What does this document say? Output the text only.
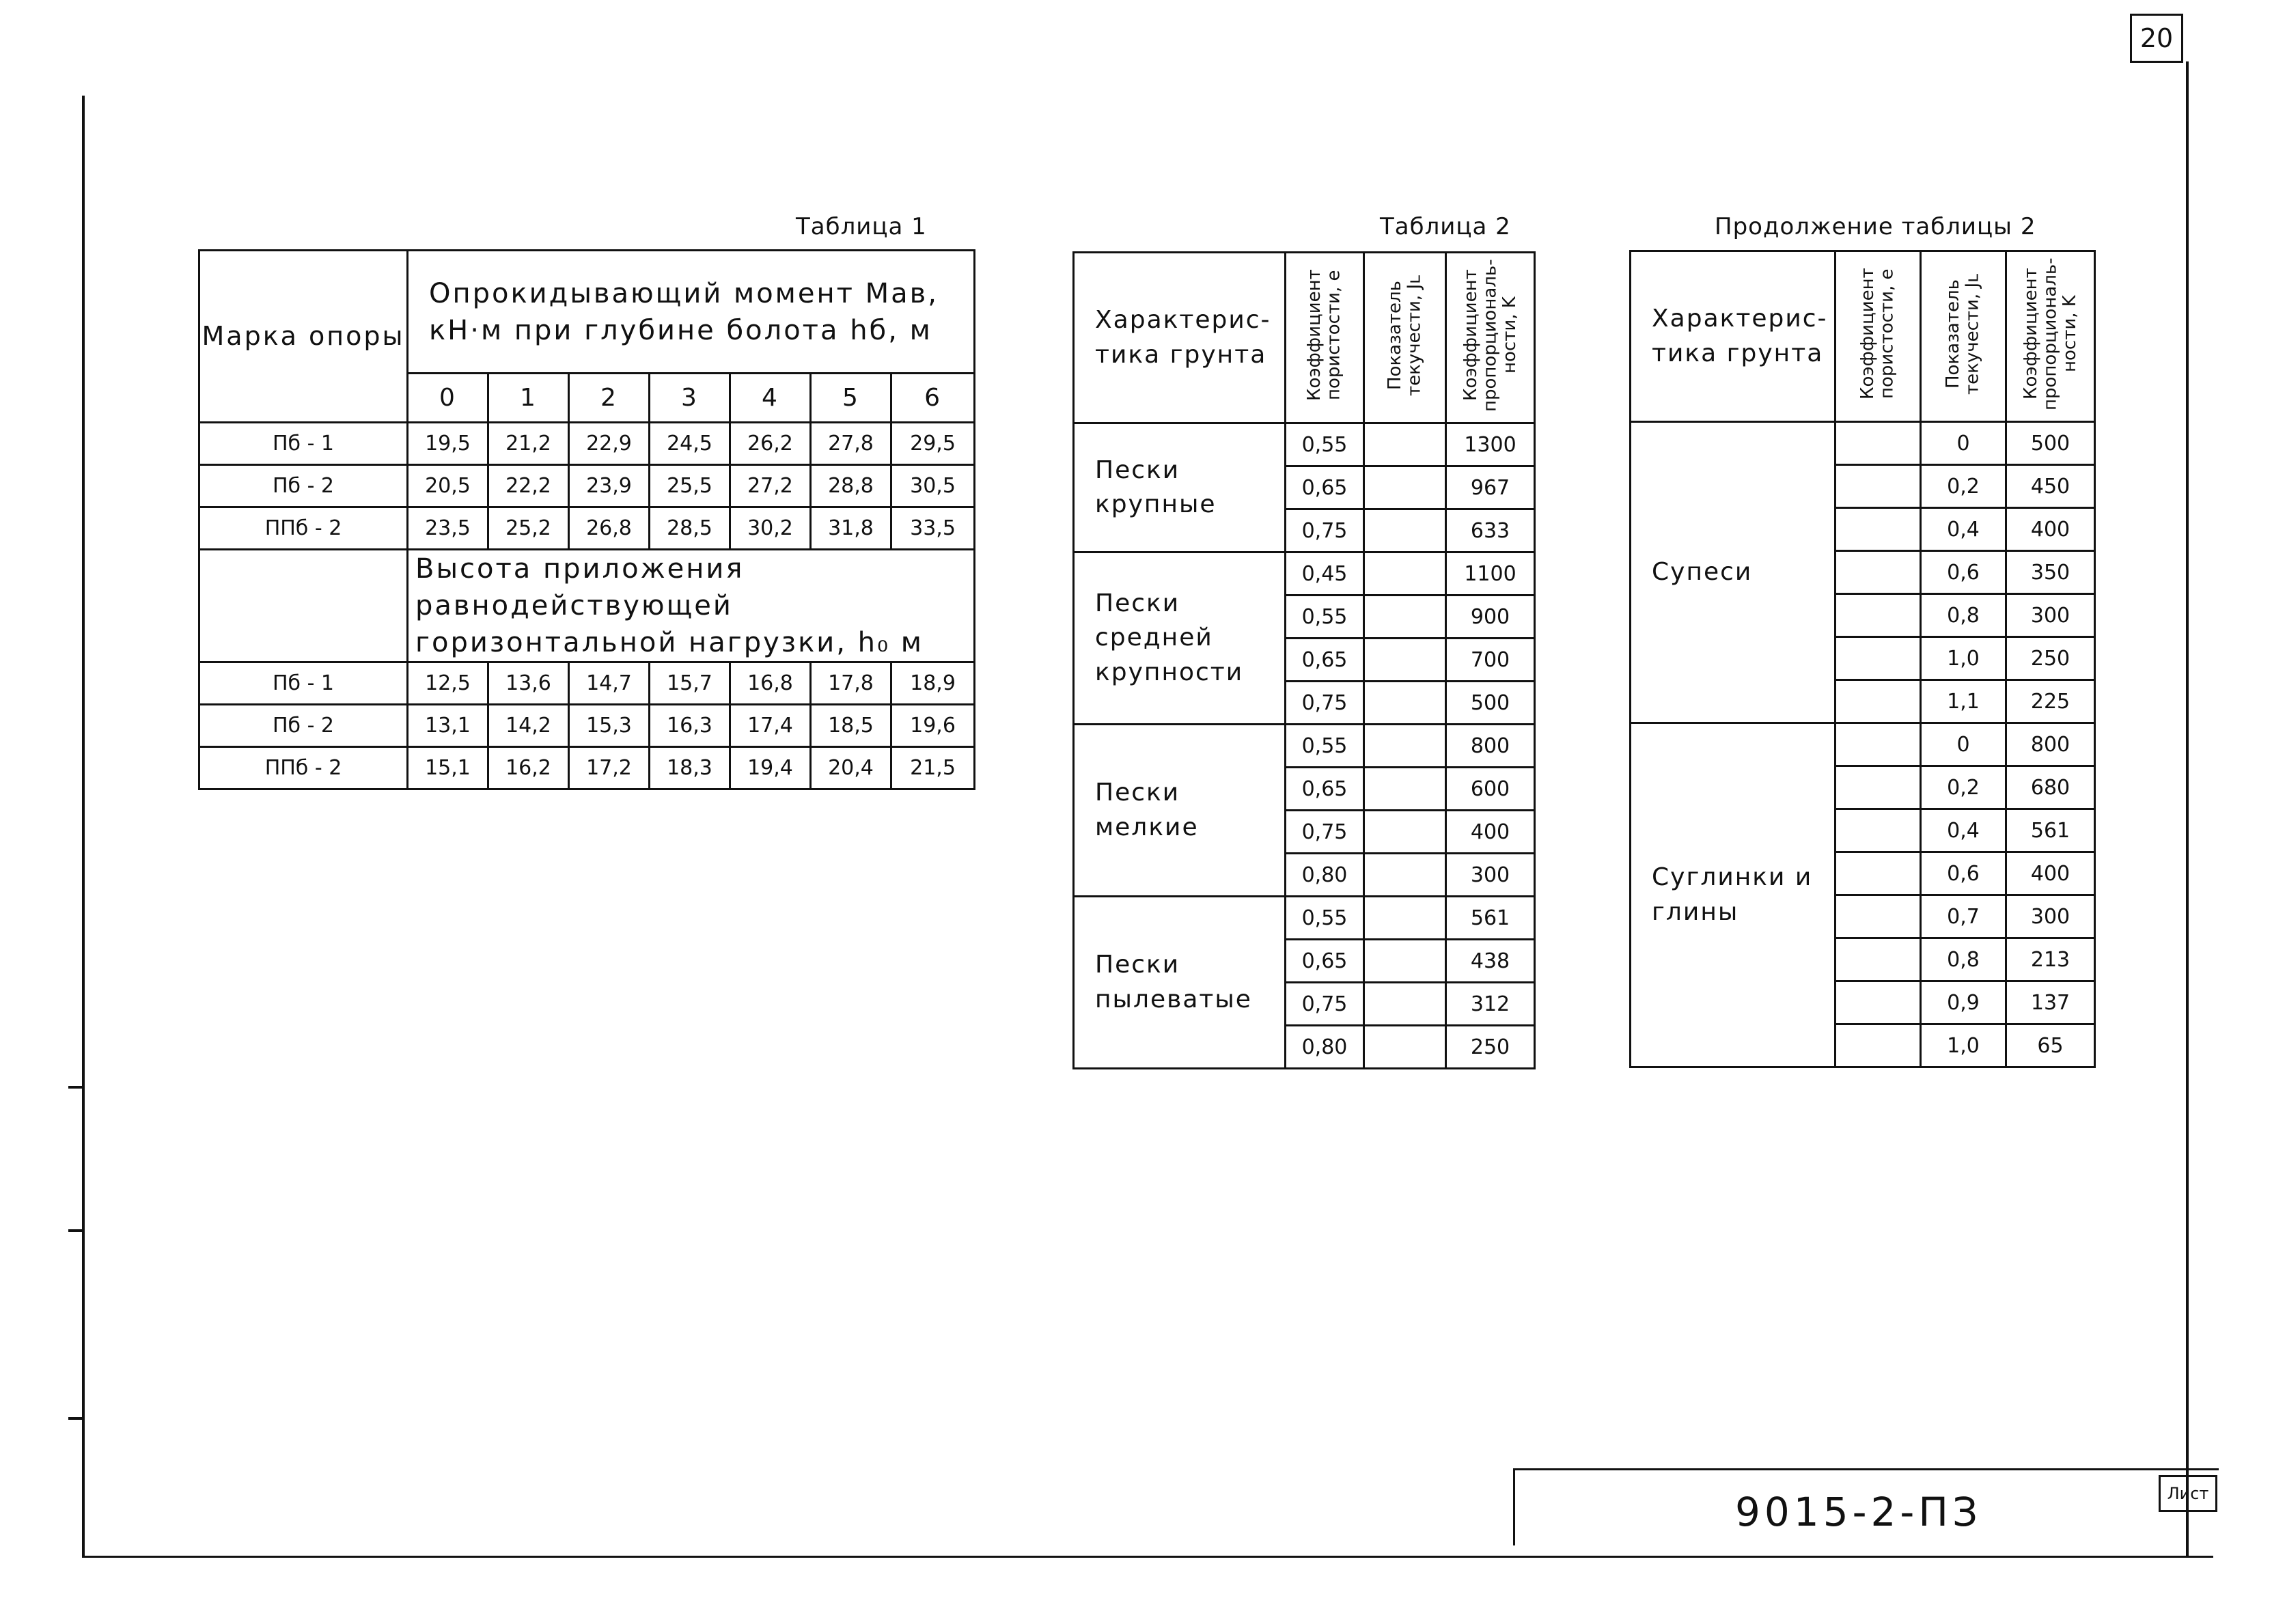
20
Таблица 1
Марка опоры	Опрокидывающий момент Mав, кН·м при глубине болота hб, м						
	0	1	2	3	4	5	6
Пб - 1	19,5	21,2	22,9	24,5	26,2	27,8	29,5
Пб - 2	20,5	22,2	23,9	25,5	27,2	28,8	30,5
ППб - 2	23,5	25,2	26,8	28,5	30,2	31,8	33,5
	Высота приложения равнодействующей горизонтальной нагрузки, h₀ м						
Пб - 1	12,5	13,6	14,7	15,7	16,8	17,8	18,9
Пб - 2	13,1	14,2	15,3	16,3	17,4	18,5	19,6
ППб - 2	15,1	16,2	17,2	18,3	19,4	20,4	21,5
Таблица 2
Характерис-тика грунта	Коэффициент пористости, e	Показатель текучести, Jʟ	Коэффициент пропорциональ-ности, K
Пески крупные	0,55		1300
	0,65		967
	0,75		633
Пески средней крупности	0,45		1100
	0,55		900
	0,65		700
	0,75		500
Пески мелкие	0,55		800
	0,65		600
	0,75		400
	0,80		300
Пески пылеватые	0,55		561
	0,65		438
	0,75		312
	0,80		250
Продолжение таблицы 2
Характерис-тика грунта	Коэффициент пористости, e	Показатель текучести, Jʟ	Коэффициент пропорциональ-ности, K
Супеси		0	500
		0,2	450
		0,4	400
		0,6	350
		0,8	300
		1,0	250
		1,1	225
Суглинки и глины		0	800
		0,2	680
		0,4	561
		0,6	400
		0,7	300
		0,8	213
		0,9	137
		1,0	65
9015-2-ПЗ	Лист
